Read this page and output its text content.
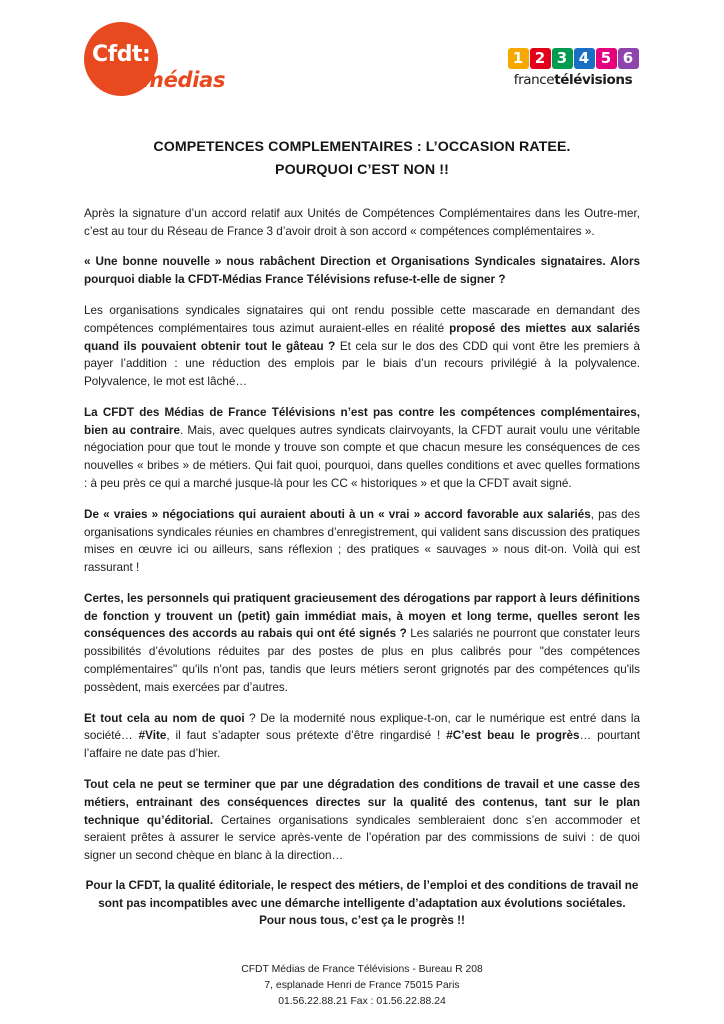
Cfdt:
médias
1 2 3 4 5 6
francetélévisions
COMPETENCES COMPLEMENTAIRES : L’OCCASION RATEE.
POURQUOI C’EST NON !!

Après la signature d’un accord relatif aux Unités de Compétences Complémentaires dans les Outre-mer, c’est au tour du Réseau de France 3 d’avoir droit à son accord « compétences complémentaires ».

« Une bonne nouvelle » nous rabâchent Direction et Organisations Syndicales signataires. Alors pourquoi diable la CFDT-Médias France Télévisions refuse-t-elle de signer ?

Les organisations syndicales signataires qui ont rendu possible cette mascarade en demandant des compétences complémentaires tous azimut auraient-elles en réalité proposé des miettes aux salariés quand ils pouvaient obtenir tout le gâteau ? Et cela sur le dos des CDD qui vont être les premiers à payer l’addition : une réduction des emplois par le biais d’un recours privilégié à la polyvalence. Polyvalence, le mot est lâché…

La CFDT des Médias de France Télévisions n’est pas contre les compétences complémentaires, bien au contraire. Mais, avec quelques autres syndicats clairvoyants, la CFDT aurait voulu une véritable négociation pour que tout le monde y trouve son compte et que chacun mesure les conséquences de ces nouvelles « bribes » de métiers. Qui fait quoi, pourquoi, dans quelles conditions et avec quelles formations : à peu près ce qui a marché jusque-là pour les CC « historiques » et que la CFDT avait signé.

De « vraies » négociations qui auraient abouti à un « vrai » accord favorable aux salariés, pas des organisations syndicales réunies en chambres d’enregistrement, qui valident sans discussion des pratiques mises en œuvre ici ou ailleurs, sans réflexion ; des pratiques « sauvages » nous dit-on. Voilà qui est rassurant !

Certes, les personnels qui pratiquent gracieusement des dérogations par rapport à leurs définitions de fonction y trouvent un (petit) gain immédiat mais, à moyen et long terme, quelles seront les conséquences des accords au rabais qui ont été signés ? Les salariés ne pourront que constater leurs possibilités d’évolutions réduites par des postes de plus en plus calibrés pour "des compétences complémentaires" qu'ils n'ont pas, tandis que leurs métiers seront grignotés par des compétences qu'ils possèdent, mais exercées par d’autres.

Et tout cela au nom de quoi ? De la modernité nous explique-t-on, car le numérique est entré dans la société… #Vite, il faut s’adapter sous prétexte d’être ringardisé ! #C’est beau le progrès… pourtant l’affaire ne date pas d’hier.

Tout cela ne peut se terminer que par une dégradation des conditions de travail et une casse des métiers, entrainant des conséquences directes sur la qualité des contenus, tant sur le plan technique qu’éditorial. Certaines organisations syndicales sembleraient donc s’en accommoder et seraient prêtes à assurer le service après-vente de l’opération par des commissions de suivi : de quoi signer un second chèque en blanc à la direction…

Pour la CFDT, la qualité éditoriale, le respect des métiers, de l’emploi et des conditions de travail ne sont pas incompatibles avec une démarche intelligente d’adaptation aux évolutions sociétales. Pour nous tous, c’est ça le progrès !!

CFDT Médias de France Télévisions - Bureau R 208
7, esplanade Henri de France 75015 Paris
01.56.22.88.21 Fax : 01.56.22.88.24
